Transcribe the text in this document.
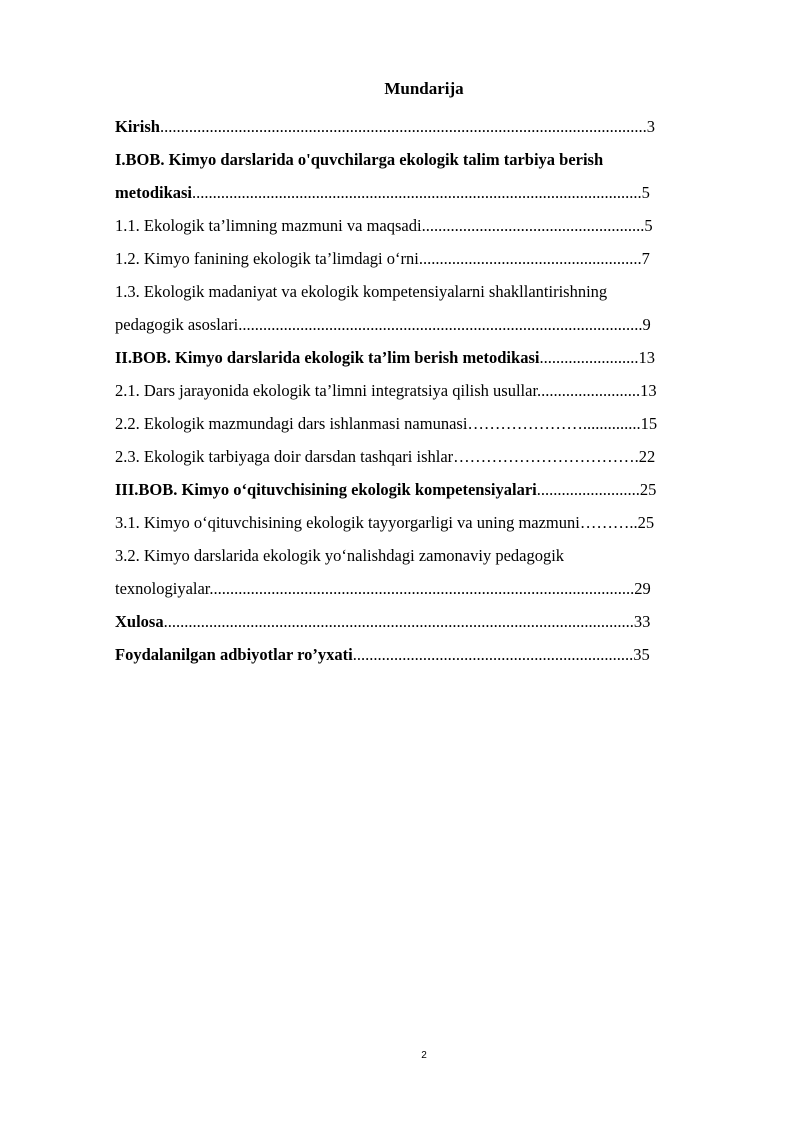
Mundarija
Kirish......................................................................................................................3
I.BOB. Kimyo darslarida o'quvchilarga ekologik talim tarbiya berish
metodikasi.............................................................................................................5
1.1. Ekologik ta’limning mazmuni va maqsadi......................................................5
1.2. Kimyo fanining ekologik ta’limdagi o‘rni......................................................7
1.3. Ekologik madaniyat va ekologik kompetensiyalarni shakllantirishning
pedagogik asoslari..................................................................................................9
II.BOB. Kimyo darslarida ekologik ta’lim berish metodikasi........................13
2.1. Dars jarayonida ekologik ta’limni integratsiya qilish usullar.........................13
2.2. Ekologik mazmundagi dars ishlanmasi namunasi…………………..............15
2.3. Ekologik tarbiyaga doir darsdan tashqari ishlar…………………………….22
III.BOB. Kimyo o‘qituvchisining ekologik kompetensiyalari.........................25
3.1. Kimyo o‘qituvchisining ekologik tayyorgarligi va uning mazmuni………..25
3.2. Kimyo darslarida ekologik yo‘nalishdagi zamonaviy pedagogik
texnologiyalar.......................................................................................................29
Xulosa..................................................................................................................33
Foydalanilgan adbiyotlar ro’yxati....................................................................35
2
